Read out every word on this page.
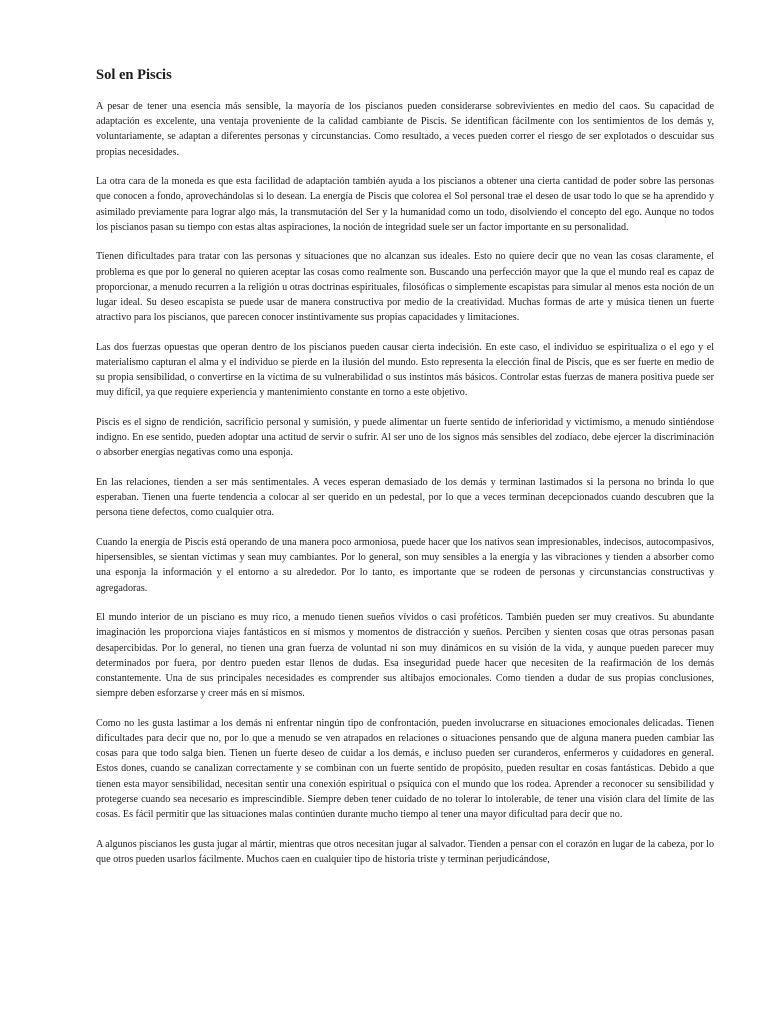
Sol en Piscis

A pesar de tener una esencia más sensible, la mayoría de los piscianos pueden considerarse sobrevivientes en medio del caos. Su capacidad de adaptación es excelente, una ventaja proveniente de la calidad cambiante de Piscis. Se identifican fácilmente con los sentimientos de los demás y, voluntariamente, se adaptan a diferentes personas y circunstancias. Como resultado, a veces pueden correr el riesgo de ser explotados o descuidar sus propias necesidades.

La otra cara de la moneda es que esta facilidad de adaptación también ayuda a los piscianos a obtener una cierta cantidad de poder sobre las personas que conocen a fondo, aprovechándolas si lo desean. La energía de Piscis que colorea el Sol personal trae el deseo de usar todo lo que se ha aprendido y asimilado previamente para lograr algo más, la transmutación del Ser y la humanidad como un todo, disolviendo el concepto del ego. Aunque no todos los piscianos pasan su tiempo con estas altas aspiraciones, la noción de integridad suele ser un factor importante en su personalidad.

Tienen dificultades para tratar con las personas y situaciones que no alcanzan sus ideales. Esto no quiere decir que no vean las cosas claramente, el problema es que por lo general no quieren aceptar las cosas como realmente son. Buscando una perfección mayor que la que el mundo real es capaz de proporcionar, a menudo recurren a la religión u otras doctrinas espirituales, filosóficas o simplemente escapistas para simular al menos esta noción de un lugar ideal. Su deseo escapista se puede usar de manera constructiva por medio de la creatividad. Muchas formas de arte y música tienen un fuerte atractivo para los piscianos, que parecen conocer instintivamente sus propias capacidades y limitaciones.

Las dos fuerzas opuestas que operan dentro de los piscianos pueden causar cierta indecisión. En este caso, el individuo se espiritualiza o el ego y el materialismo capturan el alma y el individuo se pierde en la ilusión del mundo. Esto representa la elección final de Piscis, que es ser fuerte en medio de su propia sensibilidad, o convertirse en la víctima de su vulnerabilidad o sus instintos más básicos. Controlar estas fuerzas de manera positiva puede ser muy difícil, ya que requiere experiencia y mantenimiento constante en torno a este objetivo.

Piscis es el signo de rendición, sacrificio personal y sumisión, y puede alimentar un fuerte sentido de inferioridad y victimismo, a menudo sintiéndose indigno. En ese sentido, pueden adoptar una actitud de servir o sufrir. Al ser uno de los signos más sensibles del zodíaco, debe ejercer la discriminación o absorber energías negativas como una esponja.

En las relaciones, tienden a ser más sentimentales. A veces esperan demasiado de los demás y terminan lastimados si la persona no brinda lo que esperaban. Tienen una fuerte tendencia a colocar al ser querido en un pedestal, por lo que a veces terminan decepcionados cuando descubren que la persona tiene defectos, como cualquier otra.

Cuando la energía de Piscis está operando de una manera poco armoniosa, puede hacer que los nativos sean impresionables, indecisos, autocompasivos, hipersensibles, se sientan víctimas y sean muy cambiantes. Por lo general, son muy sensibles a la energía y las vibraciones y tienden a absorber como una esponja la información y el entorno a su alrededor. Por lo tanto, es importante que se rodeen de personas y circunstancias constructivas y agregadoras.

El mundo interior de un pisciano es muy rico, a menudo tienen sueños vívidos o casi proféticos. También pueden ser muy creativos. Su abundante imaginación les proporciona viajes fantásticos en sí mismos y momentos de distracción y sueños. Perciben y sienten cosas que otras personas pasan desapercibidas. Por lo general, no tienen una gran fuerza de voluntad ni son muy dinámicos en su visión de la vida, y aunque pueden parecer muy determinados por fuera, por dentro pueden estar llenos de dudas. Esa inseguridad puede hacer que necesiten de la reafirmación de los demás constantemente. Una de sus principales necesidades es comprender sus altibajos emocionales. Como tienden a dudar de sus propias conclusiones, siempre deben esforzarse y creer más en sí mismos.

Como no les gusta lastimar a los demás ni enfrentar ningún tipo de confrontación, pueden involucrarse en situaciones emocionales delicadas. Tienen dificultades para decir que no, por lo que a menudo se ven atrapados en relaciones o situaciones pensando que de alguna manera pueden cambiar las cosas para que todo salga bien. Tienen un fuerte deseo de cuidar a los demás, e incluso pueden ser curanderos, enfermeros y cuidadores en general. Estos dones, cuando se canalizan correctamente y se combinan con un fuerte sentido de propósito, pueden resultar en cosas fantásticas. Debido a que tienen esta mayor sensibilidad, necesitan sentir una conexión espiritual o psíquica con el mundo que los rodea. Aprender a reconocer su sensibilidad y protegerse cuando sea necesario es imprescindible. Siempre deben tener cuidado de no tolerar lo intolerable, de tener una visión clara del límite de las cosas. Es fácil permitir que las situaciones malas continúen durante mucho tiempo al tener una mayor dificultad para decir que no.

A algunos piscianos les gusta jugar al mártir, mientras que otros necesitan jugar al salvador. Tienden a pensar con el corazón en lugar de la cabeza, por lo que otros pueden usarlos fácilmente. Muchos caen en cualquier tipo de historia triste y terminan perjudicándose,
